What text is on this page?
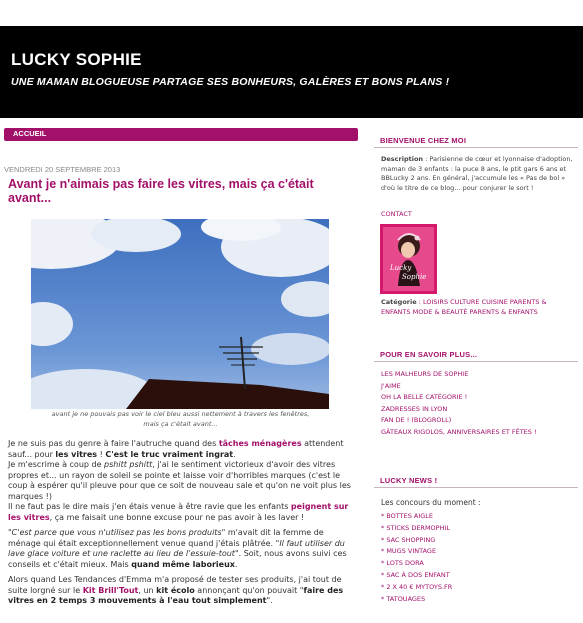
LUCKY SOPHIE
UNE MAMAN BLOGUEUSE PARTAGE SES BONHEURS, GALÈRES ET BONS PLANS !
ACCUEIL
VENDREDI 20 SEPTEMBRE 2013
Avant je n'aimais pas faire les vitres, mais ça c'était avant...
avant je ne pouvais pas voir le ciel bleu aussi nettement à travers les fenêtres,
mais ça c'était avant...

Je ne suis pas du genre à faire l'autruche quand des tâches ménagères attendent sauf... pour les vitres ! C'est le truc vraiment ingrat.
Je m'escrime à coup de pshitt pshitt, j'ai le sentiment victorieux d'avoir des vitres propres et... un rayon de soleil se pointe et laisse voir d'horribles marques (c'est le coup à espérer qu'il pleuve pour que ce soit de nouveau sale et qu'on ne voit plus les marques !)
Il ne faut pas le dire mais j'en étais venue à être ravie que les enfants peignent sur les vitres, ça me faisait une bonne excuse pour ne pas avoir à les laver !

"C'est parce que vous n'utilisez pas les bons produits" m'avait dit la femme de ménage qui était exceptionnellement venue quand j'étais plâtrée. "Il faut utiliser du lave glace voiture et une raclette au lieu de l'essuie-tout". Soit, nous avons suivi ces conseils et c'était mieux. Mais quand même laborieux.

Alors quand Les Tendances d'Emma m'a proposé de tester ses produits, j'ai tout de suite lorgné sur le Kit Brill'Tout, un kit écolo annonçant qu'on pouvait "faire des vitres en 2 temps 3 mouvements à l'eau tout simplement".

BIENVENUE CHEZ MOI
Description : Parisienne de cœur et lyonnaise d'adoption, maman de 3 enfants : la puce 8 ans, le ptit gars 6 ans et BBLucky 2 ans. En général, j'accumule les « Pas de bol » d'où le titre de ce blog... pour conjurer le sort !
CONTACT
Lucky
Sophie
Catégorie : LOISIRS CULTURE CUISINE PARENTS & ENFANTS MODE & BEAUTÉ PARENTS & ENFANTS
POUR EN SAVOIR PLUS...
LES MALHEURS DE SOPHIE
J'AIME
OH LA BELLE CATÉGORIE !
ZADRESSES IN LYON
FAN DE ! (BLOGROLL)
GÂTEAUX RIGOLOS, ANNIVERSAIRES ET FÊTES !
LUCKY NEWS !
Les concours du moment :
* BOTTES AIGLE
* STICKS DERMOPHIL
* SAC SHOPPING
* MUGS VINTAGE
* LOTS DORA
* SAC À DOS ENFANT
* 2 X 40 € MYTOYS.FR
* TATOUAGES
